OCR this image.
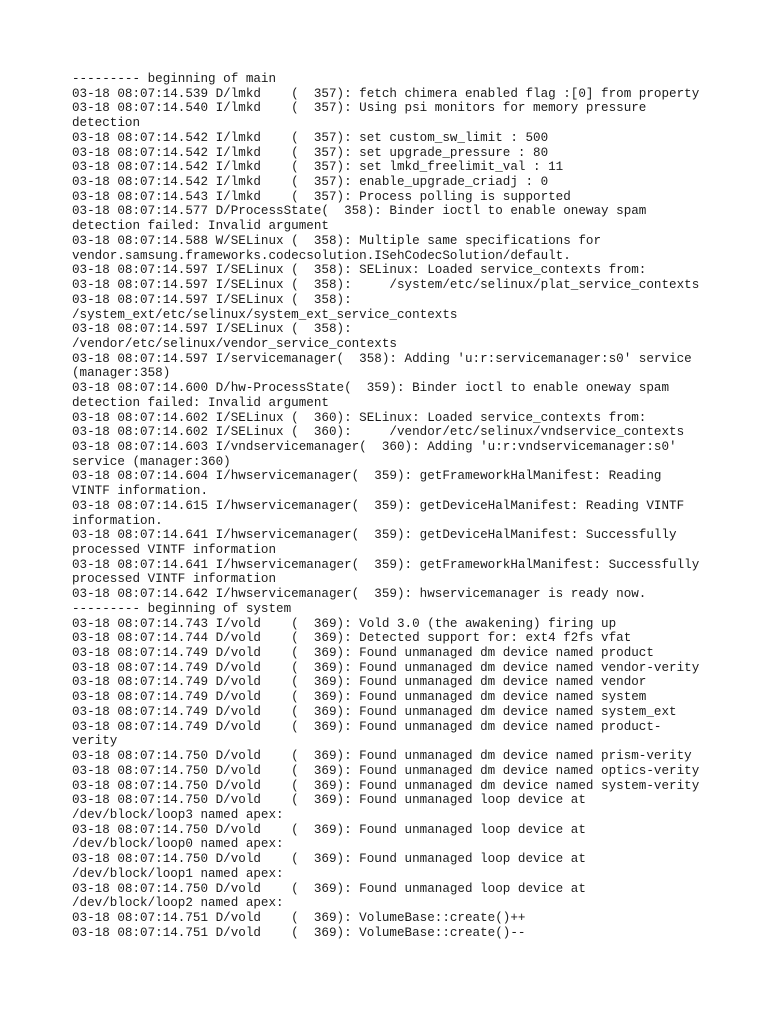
--------- beginning of main
03-18 08:07:14.539 D/lmkd    (  357): fetch chimera enabled flag :[0] from property
03-18 08:07:14.540 I/lmkd    (  357): Using psi monitors for memory pressure
detection
03-18 08:07:14.542 I/lmkd    (  357): set custom_sw_limit : 500
03-18 08:07:14.542 I/lmkd    (  357): set upgrade_pressure : 80
03-18 08:07:14.542 I/lmkd    (  357): set lmkd_freelimit_val : 11
03-18 08:07:14.542 I/lmkd    (  357): enable_upgrade_criadj : 0
03-18 08:07:14.543 I/lmkd    (  357): Process polling is supported
03-18 08:07:14.577 D/ProcessState(  358): Binder ioctl to enable oneway spam
detection failed: Invalid argument
03-18 08:07:14.588 W/SELinux (  358): Multiple same specifications for
vendor.samsung.frameworks.codecsolution.ISehCodecSolution/default.
03-18 08:07:14.597 I/SELinux (  358): SELinux: Loaded service_contexts from:
03-18 08:07:14.597 I/SELinux (  358):     /system/etc/selinux/plat_service_contexts
03-18 08:07:14.597 I/SELinux (  358):
/system_ext/etc/selinux/system_ext_service_contexts
03-18 08:07:14.597 I/SELinux (  358):
/vendor/etc/selinux/vendor_service_contexts
03-18 08:07:14.597 I/servicemanager(  358): Adding 'u:r:servicemanager:s0' service
(manager:358)
03-18 08:07:14.600 D/hw-ProcessState(  359): Binder ioctl to enable oneway spam
detection failed: Invalid argument
03-18 08:07:14.602 I/SELinux (  360): SELinux: Loaded service_contexts from:
03-18 08:07:14.602 I/SELinux (  360):     /vendor/etc/selinux/vndservice_contexts
03-18 08:07:14.603 I/vndservicemanager(  360): Adding 'u:r:vndservicemanager:s0'
service (manager:360)
03-18 08:07:14.604 I/hwservicemanager(  359): getFrameworkHalManifest: Reading
VINTF information.
03-18 08:07:14.615 I/hwservicemanager(  359): getDeviceHalManifest: Reading VINTF
information.
03-18 08:07:14.641 I/hwservicemanager(  359): getDeviceHalManifest: Successfully
processed VINTF information
03-18 08:07:14.641 I/hwservicemanager(  359): getFrameworkHalManifest: Successfully
processed VINTF information
03-18 08:07:14.642 I/hwservicemanager(  359): hwservicemanager is ready now.
--------- beginning of system
03-18 08:07:14.743 I/vold    (  369): Vold 3.0 (the awakening) firing up
03-18 08:07:14.744 D/vold    (  369): Detected support for: ext4 f2fs vfat
03-18 08:07:14.749 D/vold    (  369): Found unmanaged dm device named product
03-18 08:07:14.749 D/vold    (  369): Found unmanaged dm device named vendor-verity
03-18 08:07:14.749 D/vold    (  369): Found unmanaged dm device named vendor
03-18 08:07:14.749 D/vold    (  369): Found unmanaged dm device named system
03-18 08:07:14.749 D/vold    (  369): Found unmanaged dm device named system_ext
03-18 08:07:14.749 D/vold    (  369): Found unmanaged dm device named product-
verity
03-18 08:07:14.750 D/vold    (  369): Found unmanaged dm device named prism-verity
03-18 08:07:14.750 D/vold    (  369): Found unmanaged dm device named optics-verity
03-18 08:07:14.750 D/vold    (  369): Found unmanaged dm device named system-verity
03-18 08:07:14.750 D/vold    (  369): Found unmanaged loop device at
/dev/block/loop3 named apex:
03-18 08:07:14.750 D/vold    (  369): Found unmanaged loop device at
/dev/block/loop0 named apex:
03-18 08:07:14.750 D/vold    (  369): Found unmanaged loop device at
/dev/block/loop1 named apex:
03-18 08:07:14.750 D/vold    (  369): Found unmanaged loop device at
/dev/block/loop2 named apex:
03-18 08:07:14.751 D/vold    (  369): VolumeBase::create()++
03-18 08:07:14.751 D/vold    (  369): VolumeBase::create()--
